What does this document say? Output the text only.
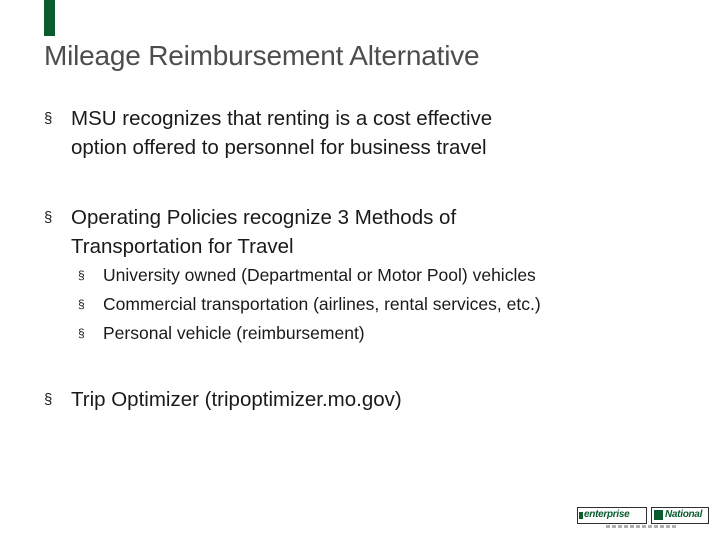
Mileage Reimbursement Alternative
§ MSU recognizes that renting is a cost effective
option offered to personnel for business travel
§ Operating Policies recognize 3 Methods of
Transportation for Travel
§ University owned (Departmental or Motor Pool) vehicles
§ Commercial transportation (airlines, rental services, etc.)
§ Personal vehicle (reimbursement)
§ Trip Optimizer (tripoptimizer.mo.gov)
enterprise	National
